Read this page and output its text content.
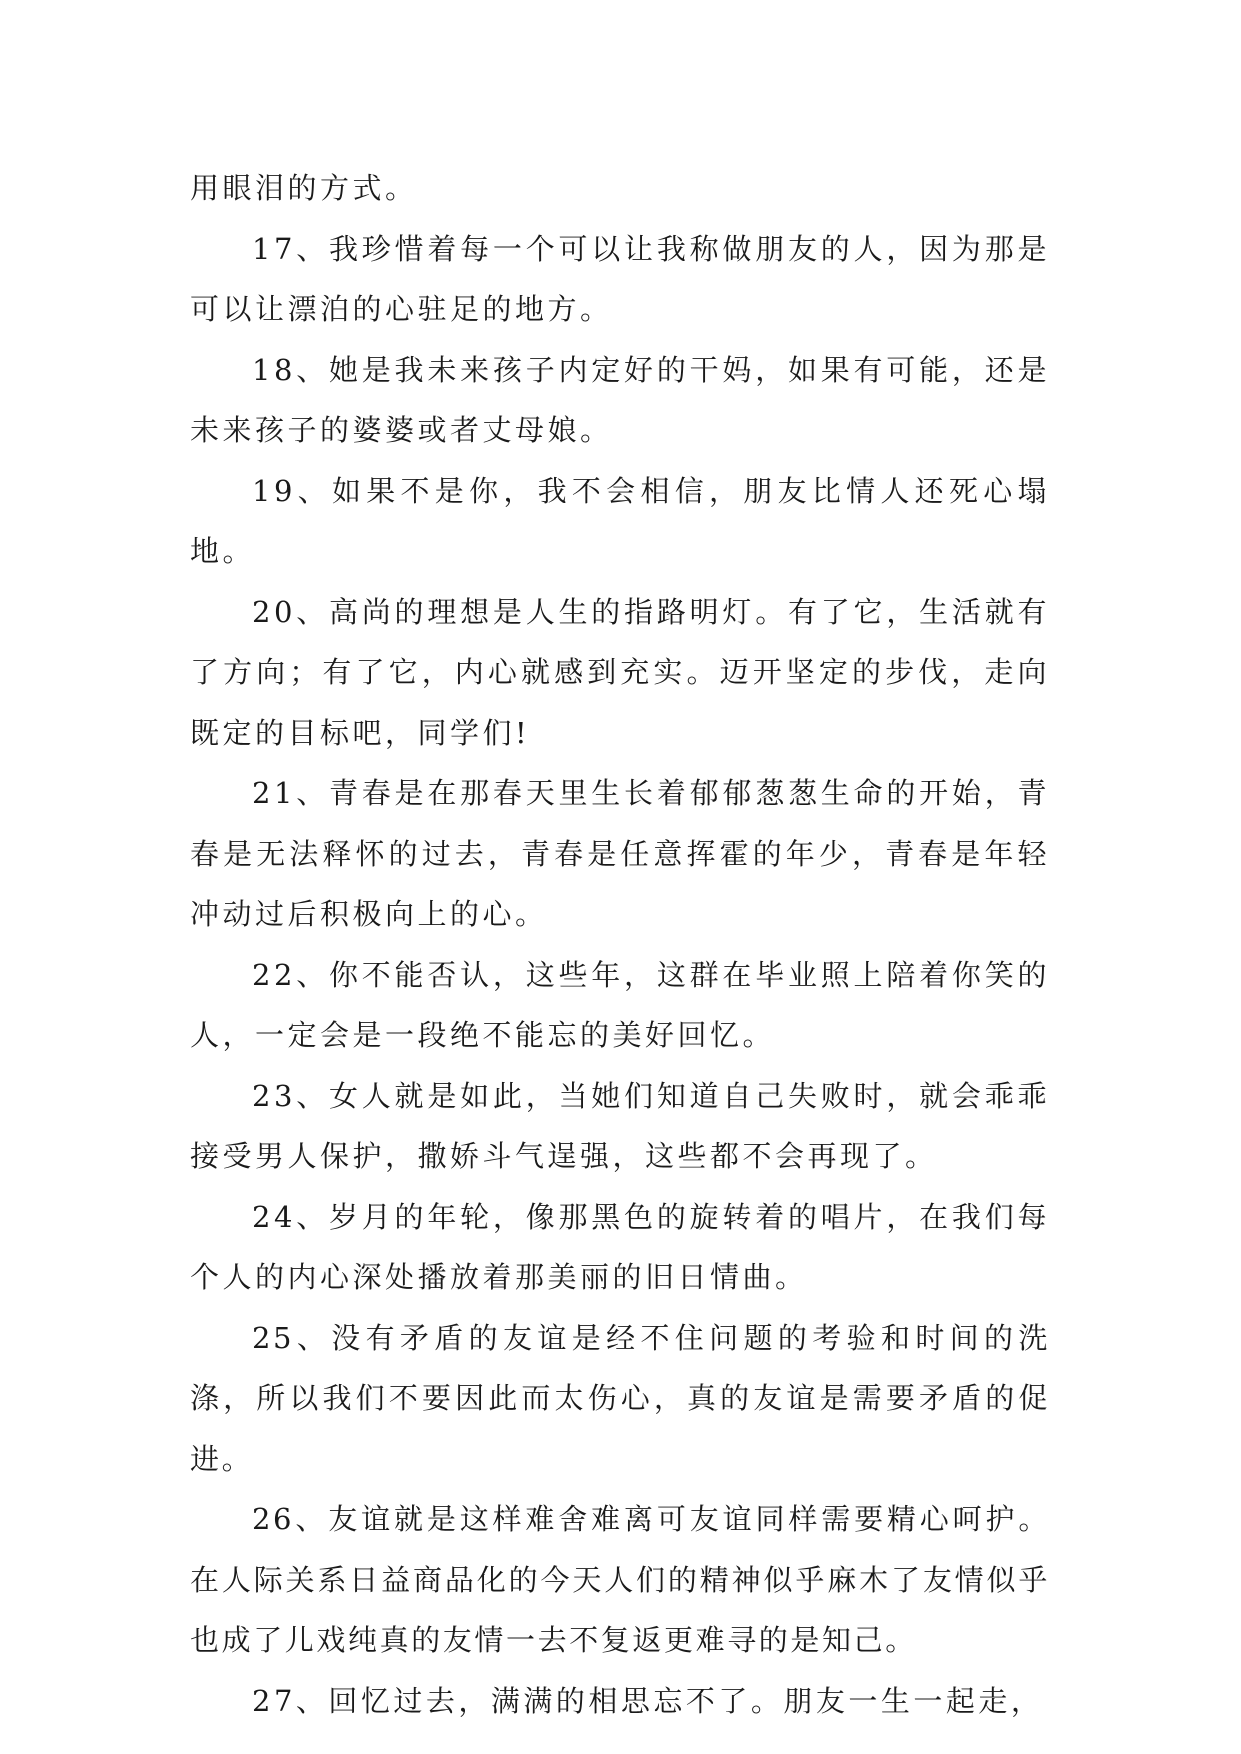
用眼泪的方式。

17、我珍惜着每一个可以让我称做朋友的人，因为那是可以让漂泊的心驻足的地方。

18、她是我未来孩子内定好的干妈，如果有可能，还是未来孩子的婆婆或者丈母娘。

19、如果不是你，我不会相信，朋友比情人还死心塌地。

20、高尚的理想是人生的指路明灯。有了它，生活就有了方向；有了它，内心就感到充实。迈开坚定的步伐，走向既定的目标吧，同学们!

21、青春是在那春天里生长着郁郁葱葱生命的开始，青春是无法释怀的过去，青春是任意挥霍的年少，青春是年轻冲动过后积极向上的心。

22、你不能否认，这些年，这群在毕业照上陪着你笑的人，一定会是一段绝不能忘的美好回忆。

23、女人就是如此，当她们知道自己失败时，就会乖乖接受男人保护，撒娇斗气逞强，这些都不会再现了。

24、岁月的年轮，像那黑色的旋转着的唱片，在我们每个人的内心深处播放着那美丽的旧日情曲。

25、没有矛盾的友谊是经不住问题的考验和时间的洗涤，所以我们不要因此而太伤心，真的友谊是需要矛盾的促进。

26、友谊就是这样难舍难离可友谊同样需要精心呵护。在人际关系日益商品化的今天人们的精神似乎麻木了友情似乎也成了儿戏纯真的友情一去不复返更难寻的是知己。

27、回忆过去，满满的相思忘不了。朋友一生一起走，
